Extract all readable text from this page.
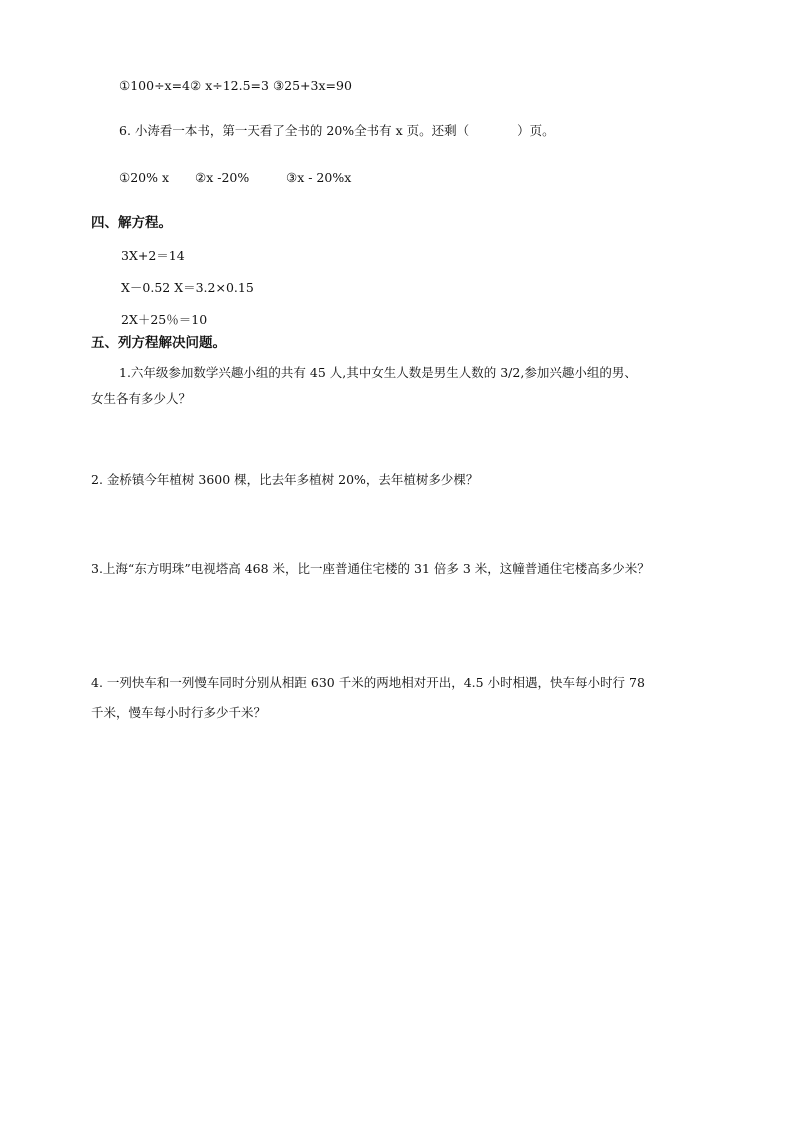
①100÷x=4② x÷12.5=3 ③25+3x=90
6. 小涛看一本书，第一天看了全书的 20%全书有 x 页。还剩（	）页。
①20% x ②x -20%	③x - 20%x
四、解方程。
3X+2＝14
X－0.52 X＝3.2×0.15
2X＋25％＝10
五、列方程解决问题。
1.六年级参加数学兴趣小组的共有 45 人,其中女生人数是男生人数的 3/2,参加兴趣小组的男、
女生各有多少人？
2. 金桥镇今年植树 3600 棵，比去年多植树 20%，去年植树多少棵？
3.上海“东方明珠”电视塔高 468 米，比一座普通住宅楼的 31 倍多 3 米，这幢普通住宅楼高多少米？
4. 一列快车和一列慢车同时分别从相距 630 千米的两地相对开出，4.5 小时相遇，快车每小时行 78
千米，慢车每小时行多少千米？
